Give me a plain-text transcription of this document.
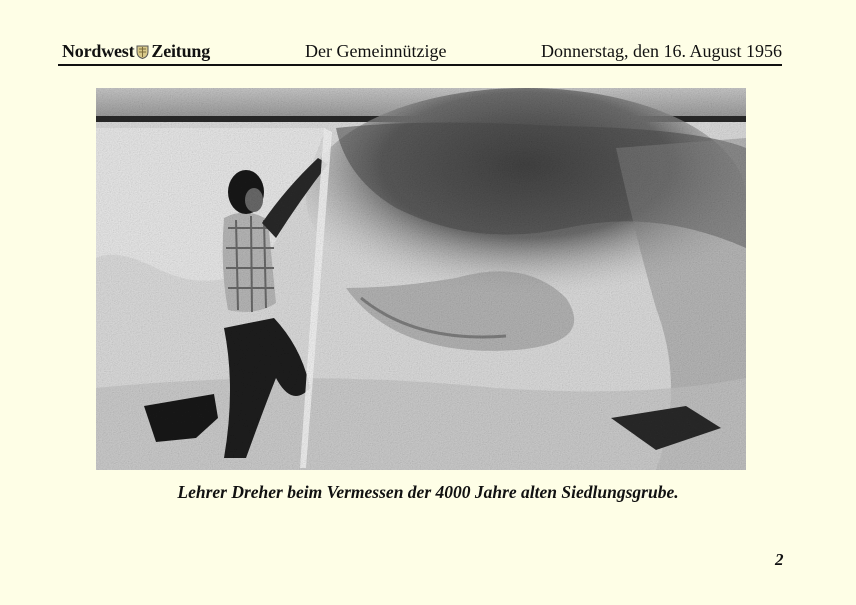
Nordwest Zeitung	Der Gemeinnützige	Donnerstag, den 16. August 1956
Lehrer Dreher beim Vermessen der 4000 Jahre alten Siedlungsgrube.
2
